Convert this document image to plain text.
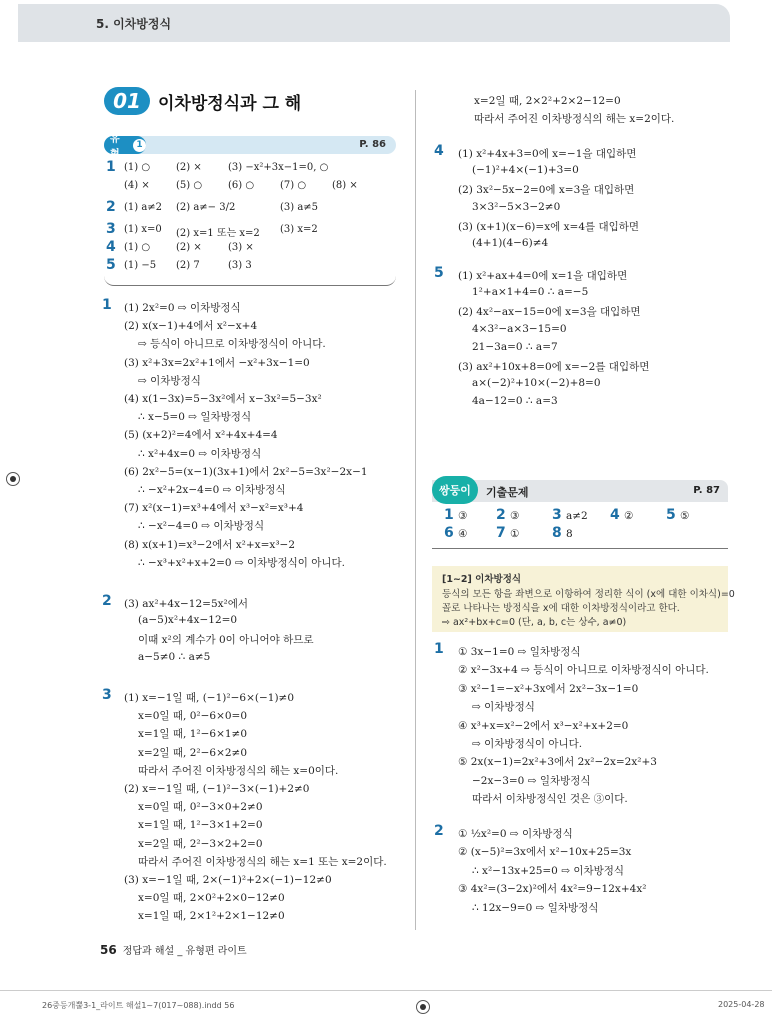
5. 이차방정식
01	이차방정식과 그 해
유형
1	P. 86
1 (1) ○	(2) ×	(3) −x²+3x−1=0, ○
(4) ×	(5) ○	(6) ○	(7) ○	(8) ×
2 (1) a≠2 (2) a≠− 3/2	(3) a≠5
3 (1) x=0 (2) x=1 또는 x=2 (3) x=2
4 (1) ○	(2) ×	(3) ×
5 (1) −5 (2) 7	(3) 3
1 (1) 2x²=0 ⇨ 이차방정식
(2) x(x−1)+4에서 x²−x+4
⇨ 등식이 아니므로 이차방정식이 아니다.
(3) x²+3x=2x²+1에서 −x²+3x−1=0
⇨ 이차방정식
(4) x(1−3x)=5−3x²에서 x−3x²=5−3x²
∴ x−5=0 ⇨ 일차방정식
(5) (x+2)²=4에서 x²+4x+4=4
∴ x²+4x=0 ⇨ 이차방정식
(6) 2x²−5=(x−1)(3x+1)에서 2x²−5=3x²−2x−1
∴ −x²+2x−4=0 ⇨ 이차방정식
(7) x²(x−1)=x³+4에서 x³−x²=x³+4
∴ −x²−4=0 ⇨ 이차방정식
(8) x(x+1)=x³−2에서 x²+x=x³−2
∴ −x³+x²+x+2=0 ⇨ 이차방정식이 아니다.
2 (3) ax²+4x−12=5x²에서
(a−5)x²+4x−12=0
이때 x²의 계수가 0이 아니어야 하므로
a−5≠0 ∴ a≠5
3 (1) x=−1일 때, (−1)²−6×(−1)≠0
x=0일 때, 0²−6×0=0
x=1일 때, 1²−6×1≠0
x=2일 때, 2²−6×2≠0
따라서 주어진 이차방정식의 해는 x=0이다.
(2) x=−1일 때, (−1)²−3×(−1)+2≠0
x=0일 때, 0²−3×0+2≠0
x=1일 때, 1²−3×1+2=0
x=2일 때, 2²−3×2+2=0
따라서 주어진 이차방정식의 해는 x=1 또는 x=2이다.
(3) x=−1일 때, 2×(−1)²+2×(−1)−12≠0
x=0일 때, 2×0²+2×0−12≠0
x=1일 때, 2×1²+2×1−12≠0
x=2일 때, 2×2²+2×2−12=0
따라서 주어진 이차방정식의 해는 x=2이다.
4 (1) x²+4x+3=0에 x=−1을 대입하면
(−1)²+4×(−1)+3=0
(2) 3x²−5x−2=0에 x=3을 대입하면
3×3²−5×3−2≠0
(3) (x+1)(x−6)=x에 x=4를 대입하면
(4+1)(4−6)≠4
5 (1) x²+ax+4=0에 x=1을 대입하면
1²+a×1+4=0 ∴ a=−5
(2) 4x²−ax−15=0에 x=3을 대입하면
4×3²−a×3−15=0
21−3a=0 ∴ a=7
(3) ax²+10x+8=0에 x=−2를 대입하면
a×(−2)²+10×(−2)+8=0
4a−12=0 ∴ a=3
쌍둥이	기출문제	P. 87
1 ③ 2 ③ 3 a≠2 4 ② 5 ⑤
6 ④ 7 ① 8 8
[1~2] 이차방정식
등식의 모든 항을 좌변으로 이항하여 정리한 식이 (x에 대한 이차식)=0
꼴로 나타나는 방정식을 x에 대한 이차방정식이라고 한다.
⇨ ax²+bx+c=0 (단, a, b, c는 상수, a≠0)
1 ① 3x−1=0 ⇨ 일차방정식
② x²−3x+4 ⇨ 등식이 아니므로 이차방정식이 아니다.
③ x²−1=−x²+3x에서 2x²−3x−1=0
⇨ 이차방정식
④ x³+x=x²−2에서 x³−x²+x+2=0
⇨ 이차방정식이 아니다.
⑤ 2x(x−1)=2x²+3에서 2x²−2x=2x²+3
−2x−3=0 ⇨ 일차방정식
따라서 이차방정식인 것은 ③이다.
2 ① ½x²=0 ⇨ 이차방정식
② (x−5)²=3x에서 x²−10x+25=3x
∴ x²−13x+25=0 ⇨ 이차방정식
③ 4x²=(3−2x)²에서 4x²=9−12x+4x²
∴ 12x−9=0 ⇨ 일차방정식
56 정답과 해설 _ 유형편 라이트
26중등개뿔3-1_라이트 해설1~7(017~088).indd 56	2025-04-28
